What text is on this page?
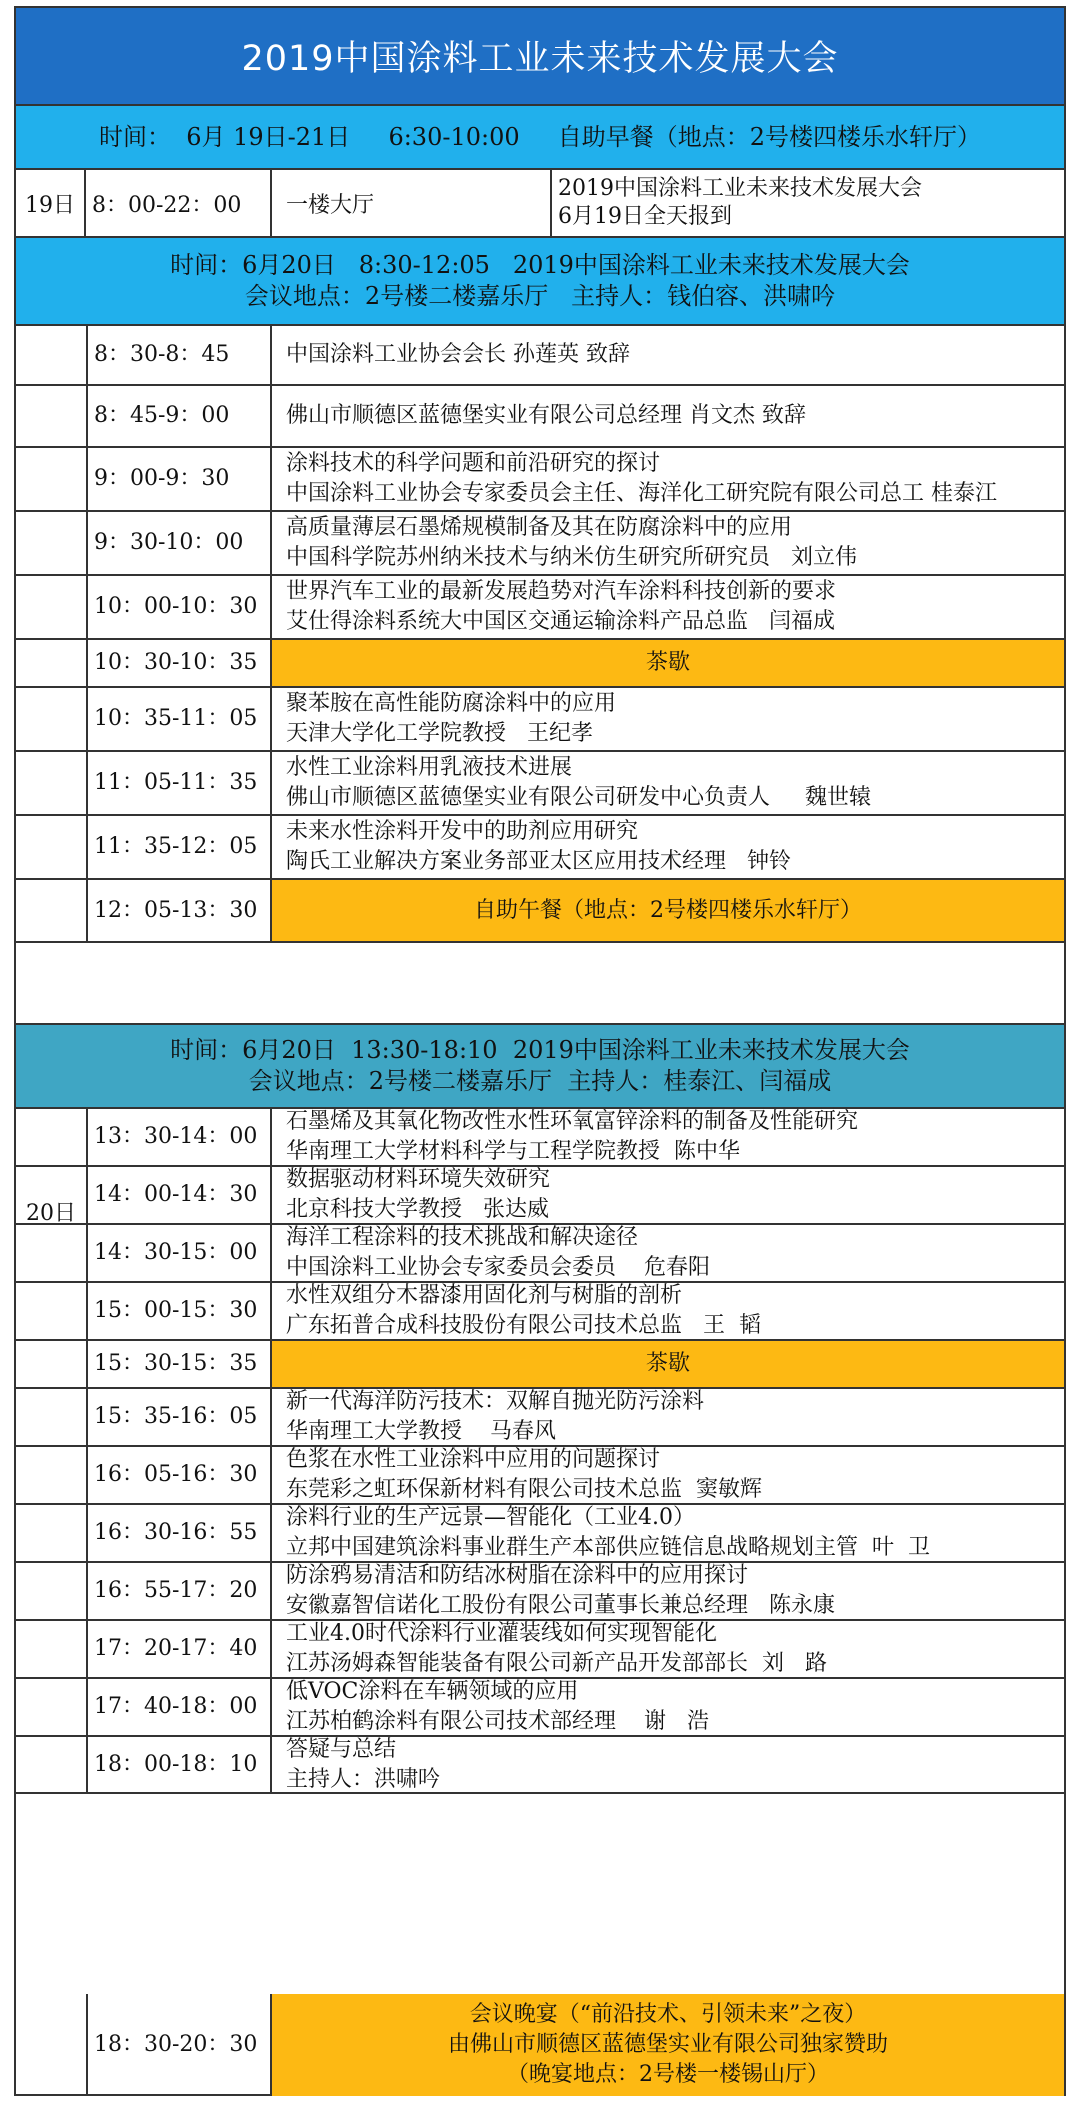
2019中国涂料工业未来技术发展大会
时间：  6月 19日-21日     6:30-10:00     自助早餐（地点：2号楼四楼乐水轩厅）
19日 8：00-22：00	一楼大厅
2019中国涂料工业未来技术发展大会
6月19日全天报到
时间：6月20日   8:30-12:05   2019中国涂料工业未来技术发展大会
会议地点：2号楼二楼嘉乐厅   主持人：钱伯容、洪啸吟
8：30-8：45	中国涂料工业协会会长 孙莲英 致辞
8：45-9：00	佛山市顺德区蓝德堡实业有限公司总经理 肖文杰 致辞
9：00-9：30
涂料技术的科学问题和前沿研究的探讨
中国涂料工业协会专家委员会主任、海洋化工研究院有限公司总工 桂泰江
9：30-10：00
高质量薄层石墨烯规模制备及其在防腐涂料中的应用
中国科学院苏州纳米技术与纳米仿生研究所研究员   刘立伟
10：00-10：30
世界汽车工业的最新发展趋势对汽车涂料科技创新的要求
艾仕得涂料系统大中国区交通运输涂料产品总监   闫福成
10：30-10：35	茶歇
10：35-11：05
聚苯胺在高性能防腐涂料中的应用
天津大学化工学院教授   王纪孝
11：05-11：35
水性工业涂料用乳液技术进展
佛山市顺德区蓝德堡实业有限公司研发中心负责人     魏世辕
11：35-12：05
未来水性涂料开发中的助剂应用研究
陶氏工业解决方案业务部亚太区应用技术经理   钟铃
12：05-13：30	自助午餐（地点：2号楼四楼乐水轩厅）
时间：6月20日  13:30-18:10  2019中国涂料工业未来技术发展大会
会议地点：2号楼二楼嘉乐厅  主持人：桂泰江、闫福成
13：30-14：00
石墨烯及其氧化物改性水性环氧富锌涂料的制备及性能研究
华南理工大学材料科学与工程学院教授  陈中华
14：00-14：30
数据驱动材料环境失效研究
北京科技大学教授   张达威
14：30-15：00
海洋工程涂料的技术挑战和解决途径
中国涂料工业协会专家委员会委员    危春阳
15：00-15：30
水性双组分木器漆用固化剂与树脂的剖析
广东拓普合成科技股份有限公司技术总监   王  韬
15：30-15：35	茶歇
15：35-16：05
新一代海洋防污技术：双解自抛光防污涂料
华南理工大学教授    马春风
16：05-16：30
色浆在水性工业涂料中应用的问题探讨
东莞彩之虹环保新材料有限公司技术总监  窦敏辉
16：30-16：55
涂料行业的生产远景—智能化（工业4.0）
立邦中国建筑涂料事业群生产本部供应链信息战略规划主管  叶  卫
16：55-17：20
防涂鸦易清洁和防结冰树脂在涂料中的应用探讨
安徽嘉智信诺化工股份有限公司董事长兼总经理   陈永康
17：20-17：40
工业4.0时代涂料行业灌装线如何实现智能化
江苏汤姆森智能装备有限公司新产品开发部部长  刘   路
17：40-18：00
低VOC涂料在车辆领域的应用
江苏柏鹤涂料有限公司技术部经理    谢   浩
18：00-18：10
答疑与总结
主持人：洪啸吟
18：30-20：30
会议晚宴（“前沿技术、引领未来”之夜）
由佛山市顺德区蓝德堡实业有限公司独家赞助
（晚宴地点：2号楼一楼锡山厅）
20日
